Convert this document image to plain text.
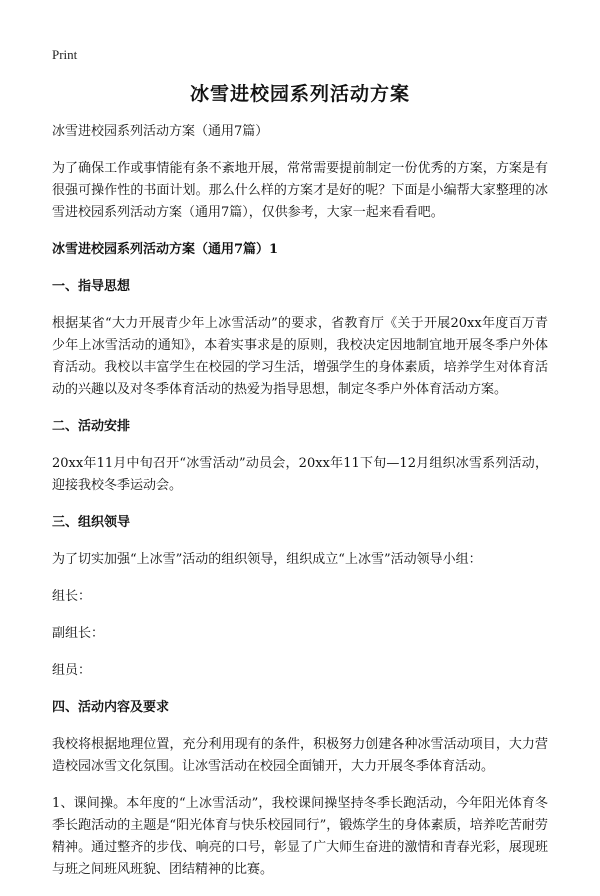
Print
冰雪进校园系列活动方案

冰雪进校园系列活动方案（通用7篇）

为了确保工作或事情能有条不紊地开展，常常需要提前制定一份优秀的方案，方案是有很强可操作性的书面计划。那么什么样的方案才是好的呢？下面是小编帮大家整理的冰雪进校园系列活动方案（通用7篇），仅供参考，大家一起来看看吧。

冰雪进校园系列活动方案（通用7篇）1
一、指导思想

根据某省“大力开展青少年上冰雪活动”的要求，省教育厅《关于开展20xx年度百万青少年上冰雪活动的通知》，本着实事求是的原则，我校决定因地制宜地开展冬季户外体育活动。我校以丰富学生在校园的学习生活，增强学生的身体素质，培养学生对体育活动的兴趣以及对冬季体育活动的热爱为指导思想，制定冬季户外体育活动方案。

二、活动安排

20xx年11月中旬召开“冰雪活动”动员会，20xx年11下旬—12月组织冰雪系列活动，迎接我校冬季运动会。

三、组织领导

为了切实加强“上冰雪”活动的组织领导，组织成立“上冰雪”活动领导小组：

组长：

副组长：

组员：

四、活动内容及要求

我校将根据地理位置，充分利用现有的条件，积极努力创建各种冰雪活动项目，大力营造校园冰雪文化氛围。让冰雪活动在校园全面铺开，大力开展冬季体育活动。

1、课间操。本年度的“上冰雪活动”，我校课间操坚持冬季长跑活动，今年阳光体育冬季长跑活动的主题是“阳光体育与快乐校园同行”，锻炼学生的身体素质，培养吃苦耐劳精神。通过整齐的步伐、响亮的口号，彰显了广大师生奋进的激情和青春光彩，展现班与班之间班风班貌、团结精神的比赛。
